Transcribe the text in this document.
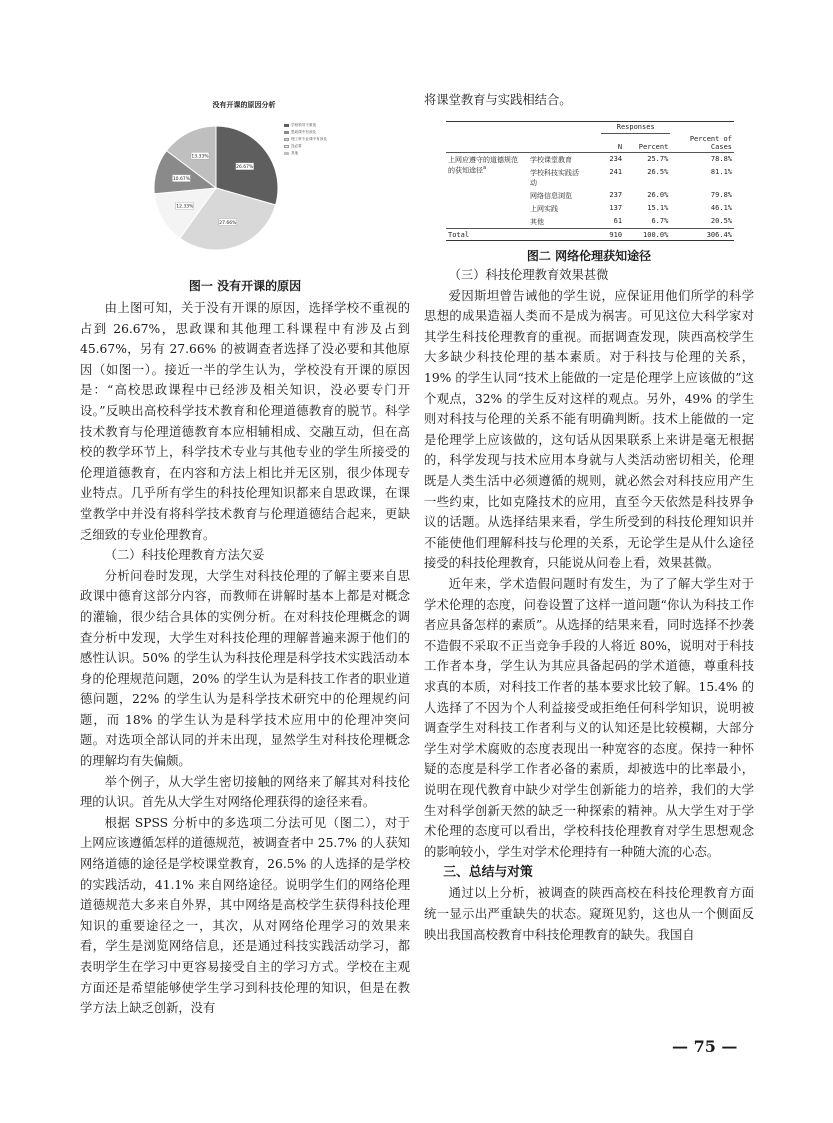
没有开课的原因分析
26.67%
27.66%
12.33%
10.67%
13.33%
学校领导不重视
思政课中有涉及
理工科专业课中有涉及
没必要
其他
图一 没有开课的原因

由上图可知，关于没有开课的原因，选择学校不重视的占到 26.67%，思政课和其他理工科课程中有涉及占到 45.67%，另有 27.66% 的被调查者选择了没必要和其他原因（如图一）。接近一半的学生认为，学校没有开课的原因是：“高校思政课程中已经涉及相关知识，没必要专门开设。”反映出高校科学技术教育和伦理道德教育的脱节。科学技术教育与伦理道德教育本应相辅相成、交融互动，但在高校的教学环节上，科学技术专业与其他专业的学生所接受的伦理道德教育，在内容和方法上相比并无区别，很少体现专业特点。几乎所有学生的科技伦理知识都来自思政课，在课堂教学中并没有将科学技术教育与伦理道德结合起来，更缺乏细致的专业伦理教育。

（二）科技伦理教育方法欠妥

分析问卷时发现，大学生对科技伦理的了解主要来自思政课中德育这部分内容，而教师在讲解时基本上都是对概念的灌输，很少结合具体的实例分析。在对科技伦理概念的调查分析中发现，大学生对科技伦理的理解普遍来源于他们的感性认识。50% 的学生认为科技伦理是科学技术实践活动本身的伦理规范问题，20% 的学生认为是科技工作者的职业道德问题，22% 的学生认为是科学技术研究中的伦理规约问题，而 18% 的学生认为是科学技术应用中的伦理冲突问题。对选项全部认同的并未出现，显然学生对科技伦理概念的理解均有失偏颇。

举个例子，从大学生密切接触的网络来了解其对科技伦理的认识。首先从大学生对网络伦理获得的途径来看。

根据 SPSS 分析中的多选项二分法可见（图二），对于上网应该遵循怎样的道德规范，被调查者中 25.7% 的人获知网络道德的途径是学校课堂教育，26.5% 的人选择的是学校的实践活动，41.1% 来自网络途径。说明学生们的网络伦理道德规范大多来自外界，其中网络是高校学生获得科技伦理知识的重要途径之一，其次，从对网络伦理学习的效果来看，学生是浏览网络信息，还是通过科技实践活动学习，都表明学生在学习中更容易接受自主的学习方式。学校在主观方面还是希望能够使学生学习到科技伦理的知识，但是在教学方法上缺乏创新，没有

将课堂教育与实践相结合。

		Responses		
		N	Percent	Percent of
Cases
上网应遵守的道德规范
的获知途径$^a$	学校课堂教育	234	25.7%	78.8%
	学校科技实践活
动	241	26.5%	81.1%
	网络信息浏览	237	26.0%	79.8%
	上网实践	137	15.1%	46.1%
	其他	61	6.7%	20.5%
Total		910	100.0%	306.4%
图二 网络伦理获知途径

（三）科技伦理教育效果甚微

爱因斯坦曾告诫他的学生说，应保证用他们所学的科学思想的成果造福人类而不是成为祸害。可见这位大科学家对其学生科技伦理教育的重视。而据调查发现，陕西高校学生大多缺少科技伦理的基本素质。对于科技与伦理的关系，19% 的学生认同“技术上能做的一定是伦理学上应该做的”这个观点，32% 的学生反对这样的观点。另外，49% 的学生则对科技与伦理的关系不能有明确判断。技术上能做的一定是伦理学上应该做的，这句话从因果联系上来讲是毫无根据的，科学发现与技术应用本身就与人类活动密切相关，伦理既是人类生活中必须遵循的规则，就必然会对科技应用产生一些约束，比如克隆技术的应用，直至今天依然是科技界争议的话题。从选择结果来看，学生所受到的科技伦理知识并不能使他们理解科技与伦理的关系，无论学生是从什么途径接受的科技伦理教育，只能说从问卷上看，效果甚微。

近年来，学术造假问题时有发生，为了了解大学生对于学术伦理的态度，问卷设置了这样一道问题“你认为科技工作者应具备怎样的素质”。从选择的结果来看，同时选择不抄袭不造假不采取不正当竞争手段的人将近 80%，说明对于科技工作者本身，学生认为其应具备起码的学术道德，尊重科技求真的本质，对科技工作者的基本要求比较了解。15.4% 的人选择了不因为个人利益接受或拒绝任何科学知识，说明被调查学生对科技工作者利与义的认知还是比较模糊，大部分学生对学术腐败的态度表现出一种宽容的态度。保持一种怀疑的态度是科学工作者必备的素质，却被选中的比率最小，说明在现代教育中缺少对学生创新能力的培养，我们的大学生对科学创新天然的缺乏一种探索的精神。从大学生对于学术伦理的态度可以看出，学校科技伦理教育对学生思想观念的影响较小，学生对学术伦理持有一种随大流的心态。

三、总结与对策

通过以上分析，被调查的陕西高校在科技伦理教育方面统一显示出严重缺失的状态。窥斑见豹，这也从一个侧面反映出我国高校教育中科技伦理教育的缺失。我国自

— 75 —
